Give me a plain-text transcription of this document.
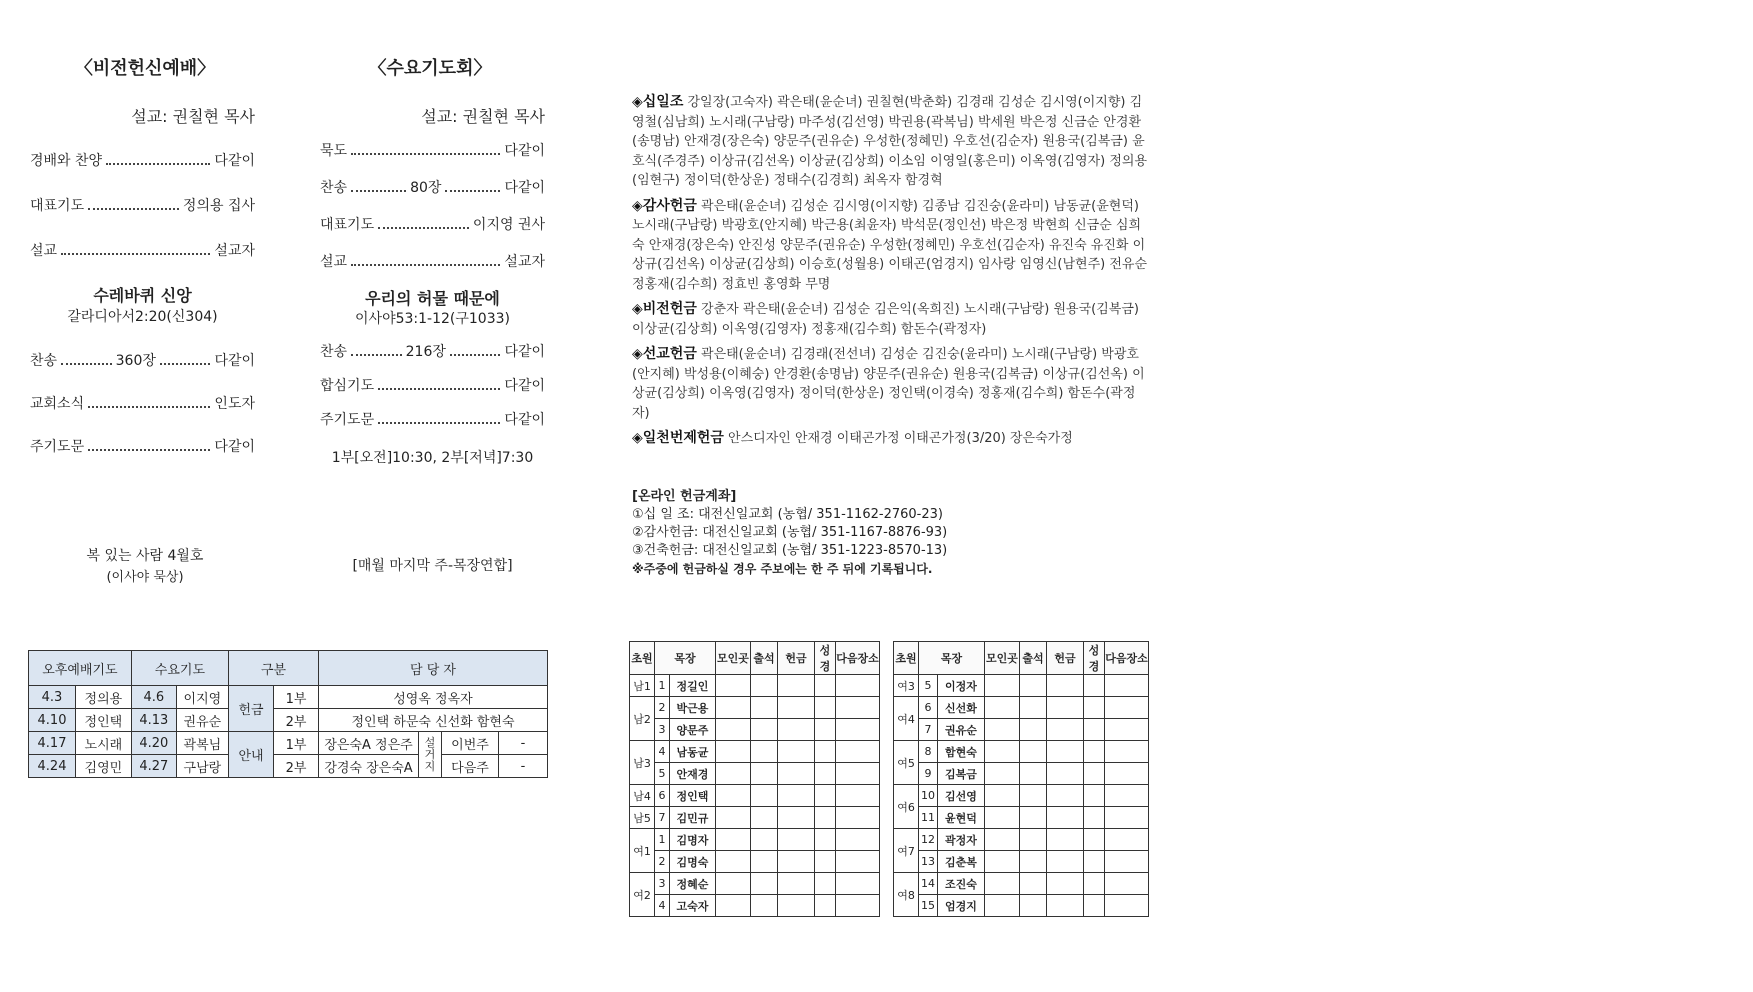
〈비전헌신예배〉
설교: 권칠현 목사
경배와 찬양	다같이
대표기도	정의용 집사
설교	설교자
수레바퀴 신앙
갈라디아서2:20(신304)
찬송	360장	다같이
교회소식	인도자
주기도문	다같이
복 있는 사람 4월호
(이사야 묵상)
〈수요기도회〉
설교: 권칠현 목사
묵도	다같이
찬송	80장	다같이
대표기도	이지영 권사
설교	설교자
우리의 허물 때문에
이사야53:1-12(구1033)
찬송	216장	다같이
합심기도	다같이
주기도문	다같이
1부[오전]10:30, 2부[저녁]7:30
[매월 마지막 주-목장연합]
◈십일조 강일장(고숙자) 곽은태(윤순녀) 권칠현(박춘화) 김경래 김성순 김시영(이지향) 김영철(심남희) 노시래(구남랑) 마주성(김선영) 박권용(곽복님) 박세원 박은정 신금순 안경환(송명남) 안재경(장은숙) 양문주(권유순) 우성한(정혜민) 우호선(김순자) 원용국(김복금) 윤호식(주경주) 이상규(김선옥) 이상균(김상희) 이소임 이영일(홍은미) 이옥영(김영자) 정의용(임현구) 정이덕(한상운) 정태수(김경희) 최옥자 함경혁
◈감사헌금 곽은태(윤순녀) 김성순 김시영(이지향) 김종남 김진숭(윤라미) 남동균(윤현덕) 노시래(구남랑) 박광호(안지혜) 박근용(최윤자) 박석문(정인선) 박은정 박현희 신금순 심희숙 안재경(장은숙) 안진성 양문주(권유순) 우성한(정혜민) 우호선(김순자) 유진숙 유진화 이상규(김선옥) 이상균(김상희) 이승호(성월용) 이태곤(엄경지) 임사랑 임영신(남현주) 전유순 정홍재(김수희) 정효빈 홍영화 무명
◈비전헌금 강춘자 곽은태(윤순녀) 김성순 김은익(옥희진) 노시래(구남랑) 원용국(김복금) 이상균(김상희) 이옥영(김영자) 정홍재(김수희) 함돈수(곽정자)
◈선교헌금 곽은태(윤순녀) 김경래(전선녀) 김성순 김진숭(윤라미) 노시래(구남랑) 박광호(안지혜) 박성용(이혜숭) 안경환(송명남) 양문주(권유순) 원용국(김복금) 이상규(김선옥) 이상균(김상희) 이옥영(김영자) 정이덕(한상운) 정인택(이경숙) 정홍재(김수희) 함돈수(곽정자)
◈일천번제헌금 안스디자인 안재경 이태곤가정 이태곤가정(3/20) 장은숙가정
[온라인 헌금계좌]
①십 일 조: 대전신일교회 (농협/ 351-1162-2760-23)
②감사헌금: 대전신일교회 (농협/ 351-1167-8876-93)
③건축헌금: 대전신일교회 (농협/ 351-1223-8570-13)
※주중에 헌금하실 경우 주보에는 한 주 뒤에 기록됩니다.
오후예배기도		수요기도		구분		담 당 자			
4.3	정의용	4.6	이지영	헌금	1부	성영옥 정옥자			
4.10	정인택	4.13	권유순		2부	정인택 하문숙 신선화 함현숙			
4.17	노시래	4.20	곽복님	안내	1부	장은숙A 정은주	설거지	이번주	-
4.24	김영민	4.27	구남랑		2부	강경숙 장은숙A		다음주	-
초원	목장		모인곳	출석	헌금	성경	다음장소
남1	1	정길인					
남2	2	박근용					
	3	양문주					
남3	4	남동균					
	5	안재경					
남4	6	정인택					
남5	7	김민규					
여1	1	김명자					
	2	김명숙					
여2	3	정혜순					
	4	고숙자					
초원	목장		모인곳	출석	헌금	성경	다음장소
여3	5	이정자					
여4	6	신선화					
	7	권유순					
여5	8	함현숙					
	9	김복금					
여6	10	김선영					
	11	윤현덕					
여7	12	곽정자					
	13	김춘복					
여8	14	조진숙					
	15	엄경지					
